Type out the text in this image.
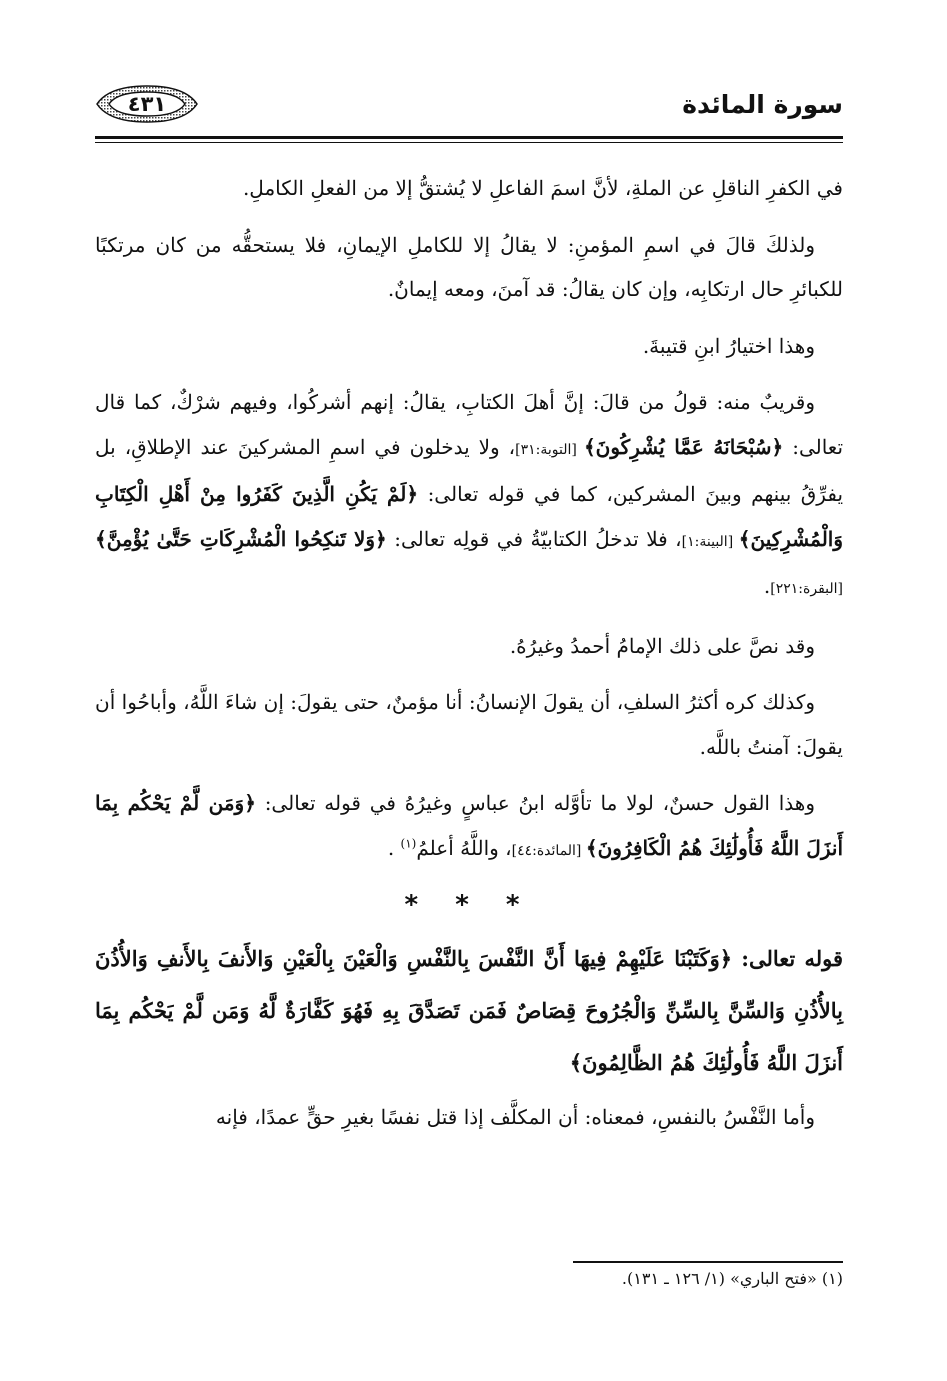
سورة المائدة
٤٣١

في الكفرِ الناقلِ عن الملةِ، لأنَّ اسمَ الفاعلِ لا يُشتقُّ إلا من الفعلِ الكاملِ.

ولذلكَ قالَ في اسمِ المؤمنِ: لا يقالُ إلا للكاملِ الإيمانِ، فلا يستحقُّه من كان مرتكبًا للكبائرِ حال ارتكابِه، وإن كان يقالُ: قد آمنَ، ومعه إيمانٌ.

وهذا اختيارُ ابنِ قتيبةَ.

وقريبٌ منه: قولُ من قالَ: إنَّ أهلَ الكتابِ، يقالُ: إنهم أشركُوا، وفيهم شرْكٌ، كما قال تعالى: ﴿سُبْحَانَهُ عَمَّا يُشْرِكُونَ﴾ [التوبة:٣١]، ولا يدخلون في اسمِ المشركينَ عند الإطلاقِ، بل يفرِّقُ بينهم وبينَ المشركين، كما في قوله تعالى: ﴿لَمْ يَكُنِ الَّذِينَ كَفَرُوا مِنْ أَهْلِ الْكِتَابِ وَالْمُشْرِكِينَ﴾ [البينة:١]، فلا تدخلُ الكتابيّةُ في قولِه تعالى: ﴿وَلا تَنكِحُوا الْمُشْرِكَاتِ حَتَّىٰ يُؤْمِنَّ﴾ [البقرة:٢٢١].

وقد نصَّ على ذلك الإمامُ أحمدُ وغيرُهُ.

وكذلك كره أكثرُ السلفِ، أن يقولَ الإنسانُ: أنا مؤمنٌ، حتى يقولَ: إن شاءَ اللَّهُ، وأباحُوا أن يقولَ: آمنتُ باللَّه.

وهذا القول حسنٌ، لولا ما تأوَّله ابنُ عباسٍ وغيرُهُ في قوله تعالى: ﴿وَمَن لَّمْ يَحْكُم بِمَا أَنزَلَ اللَّهُ فَأُولَٰئِكَ هُمُ الْكَافِرُونَ﴾ [المائدة:٤٤]، واللَّهُ أعلمُ$^{(١)}$ .

* * *

قوله تعالى: ﴿وَكَتَبْنَا عَلَيْهِمْ فِيهَا أَنَّ النَّفْسَ بِالنَّفْسِ وَالْعَيْنَ بِالْعَيْنِ وَالأَنفَ بِالأَنفِ وَالأُذُنَ بِالأُذُنِ وَالسِّنَّ بِالسِّنِّ وَالْجُرُوحَ قِصَاصٌ فَمَن تَصَدَّقَ بِهِ فَهُوَ كَفَّارَةٌ لَّهُ وَمَن لَّمْ يَحْكُم بِمَا أَنزَلَ اللَّهُ فَأُولَٰئِكَ هُمُ الظَّالِمُونَ﴾

وأما النَّفْسُ بالنفسِ، فمعناه: أن المكلَّف إذا قتل نفسًا بغيرِ حقٍّ عمدًا، فإنه

(١) «فتح الباري» (١/ ١٢٦ ـ ١٣١).
